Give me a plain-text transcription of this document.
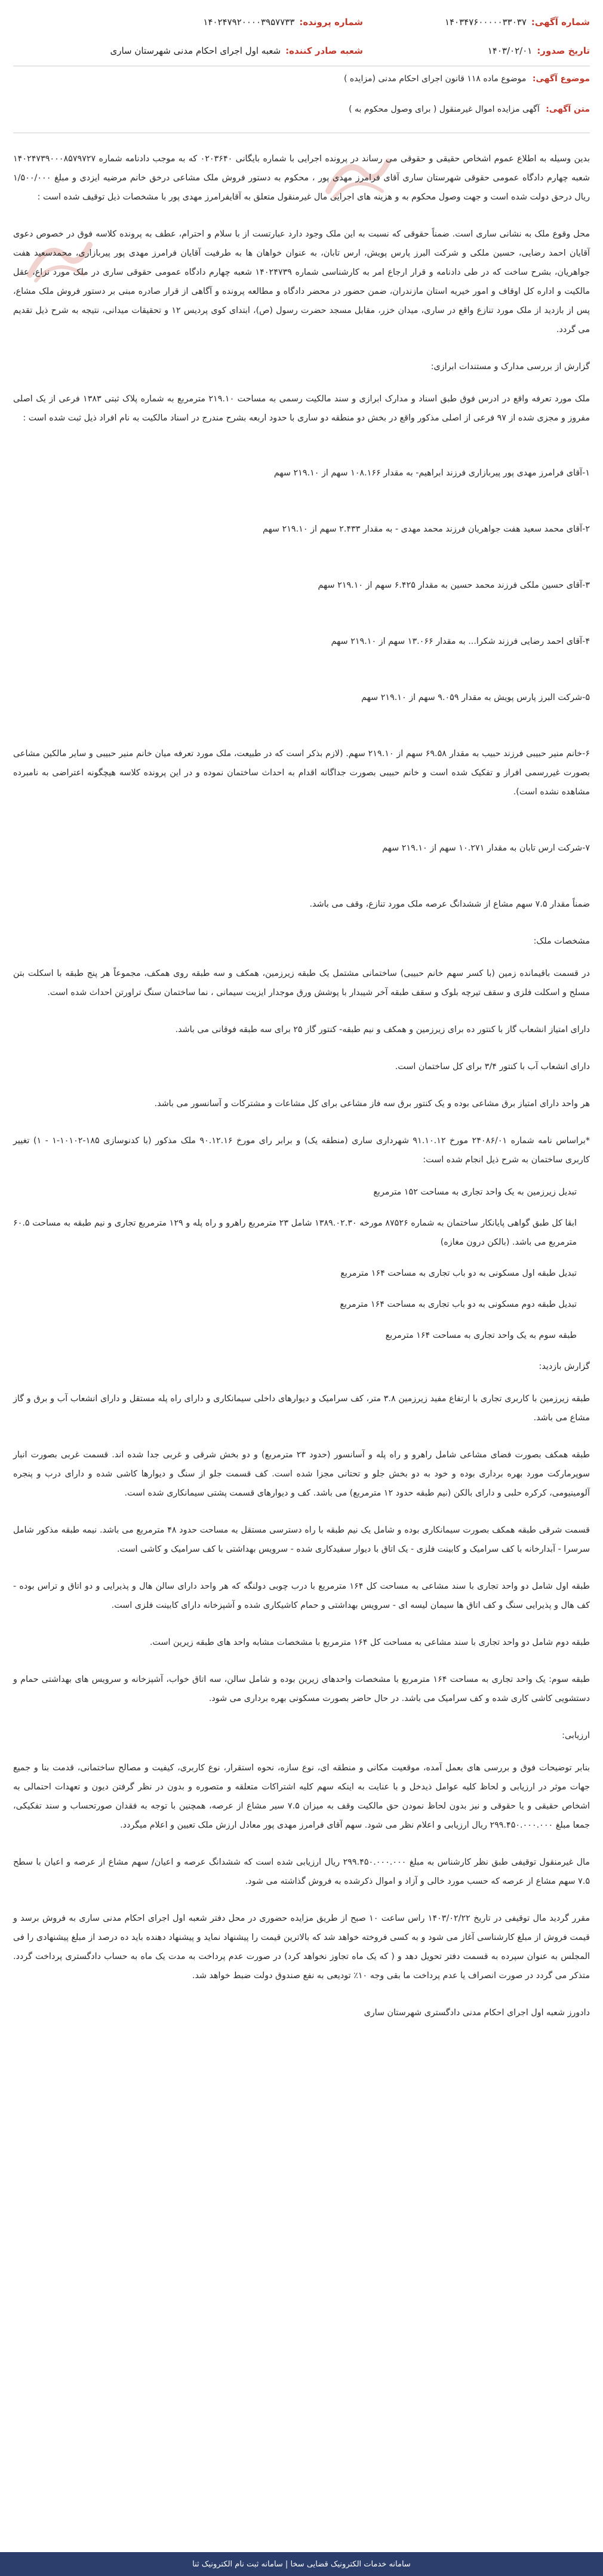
شماره آگهی:
۱۴۰۳۴۷۶۰۰۰۰۰۳۳۰۳۷
شماره پرونده:
۱۴۰۲۴۷۹۲۰۰۰۰۳۹۵۷۷۳۳
تاریخ صدور:
۱۴۰۳/۰۲/۰۱
شعبه صادر کننده:
شعبه اول اجرای احکام مدنی شهرستان ساری
موضوع آگهی: موضوع ماده ۱۱۸ قانون اجرای احکام مدنی (مزایده )
متن آگهی: آگهی مزایده اموال غیرمنقول ( برای وصول محکوم به )

بدین وسیله به اطلاع عموم اشخاص حقیقی و حقوقی می رساند در پرونده اجرایی با شماره بایگانی ۰۲۰۳۶۴۰ که به موجب دادنامه شماره ۱۴۰۲۴۷۳۹۰۰۰۸۵۷۹۷۲۷ شعبه چهارم دادگاه عمومی حقوقی شهرستان ساری آقای فرامرز مهدی پور ، محکوم به دستور فروش ملک مشاعی درخق خانم مرضیه ایزدی و مبلغ ۱/۵۰۰/۰۰۰ ریال درحق دولت شده است و جهت وصول محکوم به و هزینه های اجرایی مال غیرمنقول متعلق به آقایفرامرز مهدی پور با مشخصات ذیل توقیف شده است :

محل وقوع ملک به نشانی ساری است. ضمناً حقوقی که نسبت به این ملک وجود دارد عبارتست از با سلام و احترام، عطف به پرونده کلاسه فوق در خصوص دعوی آقایان احمد رضایی، حسین ملکی و شرکت البرز پارس پویش، ارس تابان، به عنوان خواهان ها به طرفیت آقایان فرامرز مهدی پور پیربازاری، محمدسعید هفت جواهریان، بشرح ساخت که در طی دادنامه و قرار ارجاع امر به کارشناسی شماره ۱۴۰۲۴۷۳۹ شعبه چهارم دادگاه عمومی حقوقی ساری در ملک مورد نزاع، عقل مالکیت و اداره کل اوقاف و امور خیریه استان مازندران، ضمن حضور در محضر دادگاه و مطالعه پرونده و آگاهی از قرار صادره مبنی بر دستور فروش ملک مشاع، پس از بازدید از ملک مورد تنازع واقع در ساری، میدان خزر، مقابل مسجد حضرت رسول (ص)، ابتدای کوی پردیس ۱۲ و تحقیقات میدانی، نتیجه به شرح ذیل تقدیم می گردد.

گزارش از بررسی مدارک و مستندات ابرازی:

ملک مورد تعرفه واقع در ادرس فوق طبق اسناد و مدارک ابرازی و سند مالکیت رسمی به مساحت ۲۱۹.۱۰ مترمربع به شماره پلاک ثبتی ۱۳۸۳ فرعی از یک اصلی مفروز و مجزی شده از ۹۷ فرعی از اصلی مذکور واقع در بخش دو منطقه دو ساری با حدود اربعه بشرح مندرج در اسناد مالکیت به نام افراد ذیل ثبت شده است :

۱-آقای فرامرز مهدی پور پیربازاری فرزند ابراهیم- به مقدار ۱۰۸.۱۶۶ سهم از ۲۱۹.۱۰ سهم

۲-آقای محمد سعید هفت جواهریان فرزند محمد مهدی - به مقدار ۲.۴۳۳ سهم از ۲۱۹.۱۰ سهم

۳-آقای حسین ملکی فرزند محمد حسین به مقدار ۶.۴۲۵ سهم از ۲۱۹.۱۰ سهم

۴-آقای احمد رضایی فرزند شکرا... به مقدار ۱۳.۰۶۶ سهم از ۲۱۹.۱۰ سهم

۵-شرکت البرز پارس پویش به مقدار ۹.۰۵۹ سهم از ۲۱۹.۱۰ سهم

۶-خانم منیر حبیبی فرزند حبیب به مقدار ۶۹.۵۸ سهم از ۲۱۹.۱۰ سهم. (لازم بذکر است که در طبیعت، ملک مورد تعرفه میان خانم منیر حبیبی و سایر مالکین مشاعی بصورت غیررسمی افراز و تفکیک شده است و خانم حبیبی بصورت جداگانه اقدام به احداث ساختمان نموده و در این پرونده کلاسه هیچگونه اعتراضی به نامبرده مشاهده نشده است).

۷-شرکت ارس تابان به مقدار ۱۰.۲۷۱ سهم از ۲۱۹.۱۰ سهم

ضمناً مقدار ۷.۵ سهم مشاع از ششدانگ عرصه ملک مورد تنازع، وقف می باشد.

مشخصات ملک:

در قسمت باقیمانده زمین (با کسر سهم خانم حبیبی) ساختمانی مشتمل یک طبقه زیرزمین، همکف و سه طبقه روی همکف، مجموعاً هر پنج طبقه با اسکلت بتن مسلح و اسکلت فلزی و سقف تیرچه بلوک و سقف طبقه آخر شیبدار با پوشش ورق موجدار ایزیت سیمانی ، نما ساختمان سنگ تراورتن احداث شده است.

دارای امتیاز انشعاب گاز با کنتور ده برای زیرزمین و همکف و نیم طبقه- کنتور گاز ۲۵ برای سه طبقه فوقانی می باشد.

دارای انشعاب آب با کنتور ۳/۴ برای کل ساختمان است.

هر واحد دارای امتیاز برق مشاعی بوده و یک کنتور برق سه فاز مشاعی برای کل مشاعات و مشترکات و آسانسور می باشد.

*براساس نامه شماره ۲۴۰۸۶/۰۱ مورخ ۹۱.۱۰.۱۲ شهرداری ساری (منطقه یک) و برابر رای مورخ ۹۰.۱۲.۱۶ ملک مذکور (با کدنوسازی ۱۸۵-۱۰۱۰۲-۱ - ۱) تغییر کاربری ساختمان به شرح ذیل انجام شده است:

تبدیل زیرزمین به یک واحد تجاری به مساحت ۱۵۲ مترمربع

ابقا کل طبق گواهی پایانکار ساختمان به شماره ۸۷۵۲۶ مورخه ۱۳۸۹.۰۲.۳۰ شامل ۲۳ مترمربع راهرو و راه پله و ۱۲۹ مترمربع تجاری و نیم طبقه به مساحت ۶۰.۵ مترمربع می باشد. (بالکن درون مغازه)

تبدیل طبقه اول مسکونی به دو باب تجاری به مساحت ۱۶۴ مترمربع

تبدیل طبقه دوم مسکونی به دو باب تجاری به مساحت ۱۶۴ مترمربع

طبقه سوم به یک واحد تجاری به مساحت ۱۶۴ مترمربع

گزارش بازدید:

طبقه زیرزمین با کاربری تجاری با ارتفاع مفید زیرزمین ۳.۸ متر، کف سرامیک و دیوارهای داخلی سیمانکاری و دارای راه پله مستقل و دارای انشعاب آب و برق و گاز مشاع می باشد.

طبقه همکف بصورت فضای مشاعی شامل راهرو و راه پله و آسانسور (حدود ۲۳ مترمربع) و دو بخش شرقی و غربی جدا شده اند. قسمت غربی بصورت انبار سوپرمارکت مورد بهره برداری بوده و خود به دو بخش جلو و تحتانی مجزا شده است. کف قسمت جلو از سنگ و دیوارها کاشی شده و دارای درب و پنجره آلومینیومی، کرکره حلبی و دارای بالکن (نیم طبقه حدود ۱۲ مترمربع) می باشد. کف و دیوارهای قسمت پشتی سیمانکاری شده است.

قسمت شرقی طبقه همکف بصورت سیمانکاری بوده و شامل یک نیم طبقه با راه دسترسی مستقل به مساحت حدود ۴۸ مترمربع می باشد. نیمه طبقه مذکور شامل سرسرا - آبدارخانه با کف سرامیک و کابینت فلزی - یک اتاق با دیوار سفیدکاری شده - سرویس بهداشتی با کف سرامیک و کاشی است.

طبقه اول شامل دو واحد تجاری با سند مشاعی به مساحت کل ۱۶۴ مترمربع با درب چوبی دولنگه که هر واحد دارای سالن هال و پذیرایی و دو اتاق و تراس بوده - کف هال و پذیرایی سنگ و کف اتاق ها سیمان لیسه ای - سرویس بهداشتی و حمام کاشیکاری شده و آشپزخانه دارای کابینت فلزی است.

طبقه دوم شامل دو واحد تجاری با سند مشاعی به مساحت کل ۱۶۴ مترمربع با مشخصات مشابه واحد های طبقه زیرین است.

طبقه سوم: یک واحد تجاری به مساحت ۱۶۴ مترمربع با مشخصات واحدهای زیرین بوده و شامل سالن، سه اتاق خواب، آشپزخانه و سرویس های بهداشتی حمام و دستشویی کاشی کاری شده و کف سرامیک می باشد. در حال حاضر بصورت مسکونی بهره برداری می شود.

ارزیابی:

بنابر توضیحات فوق و بررسی های بعمل آمده، موقعیت مکانی و منطقه ای، نوع سازه، نحوه استقرار، نوع کاربری، کیفیت و مصالح ساختمانی، قدمت بنا و جمیع جهات موثر در ارزیابی و لحاظ کلیه عوامل ذیدخل و با عنایت به اینکه سهم کلیه اشتراکات متعلقه و متصوره و بدون در نظر گرفتن دیون و تعهدات احتمالی به اشخاص حقیقی و یا حقوقی و نیز بدون لحاظ نمودن حق مالکیت وقف به میزان ۷.۵ سیر مشاع از عرصه، همچنین با توجه به فقدان صورتحساب و سند تفکیکی، جمعا مبلغ ۲۹۹.۴۵۰.۰۰۰.۰۰۰ ریال ارزیابی و اعلام نظر می شود. سهم آقای فرامرز مهدی پور معادل ارزش ملک تعیین و اعلام میگردد.

مال غیرمنقول توقیفی طبق نظر کارشناس به مبلغ ۲۹۹.۴۵۰.۰۰۰.۰۰۰ ریال ارزیابی شده است که ششدانگ عرصه و اعیان/ سهم مشاع از عرصه و اعیان با سطح ۷.۵ سهم مشاع از عرصه که حسب مورد خالی و آزاد و اموال ذکرشده به فروش گذاشته می شود.

مقرر گردید مال توقیفی در تاریخ ۱۴۰۳/۰۲/۲۲ راس ساعت ۱۰ صبح از طریق مزایده حضوری در محل دفتر شعبه اول اجرای احکام مدنی ساری به فروش برسد و قیمت فروش از مبلغ کارشناسی آغاز می شود و به کسی فروخته خواهد شد که بالاترین قیمت را پیشنهاد نماید و پیشنهاد دهنده باید ده درصد از مبلغ پیشنهادی را فی المجلس به عنوان سپرده به قسمت دفتر تحویل دهد و ( که یک ماه تجاوز نخواهد کرد) در صورت عدم پرداخت به مدت یک ماه به حساب دادگستری پرداخت گردد. متذکر می گردد در صورت انصراف یا عدم پرداخت ما بقی وجه ۱۰٪ تودیعی به نفع صندوق دولت ضبط خواهد شد.

دادورز شعبه اول اجرای احکام مدنی دادگستری شهرستان ساری

سامانه خدمات الکترونیک قضایی سخا | سامانه ثبت نام الکترونیک ثنا
